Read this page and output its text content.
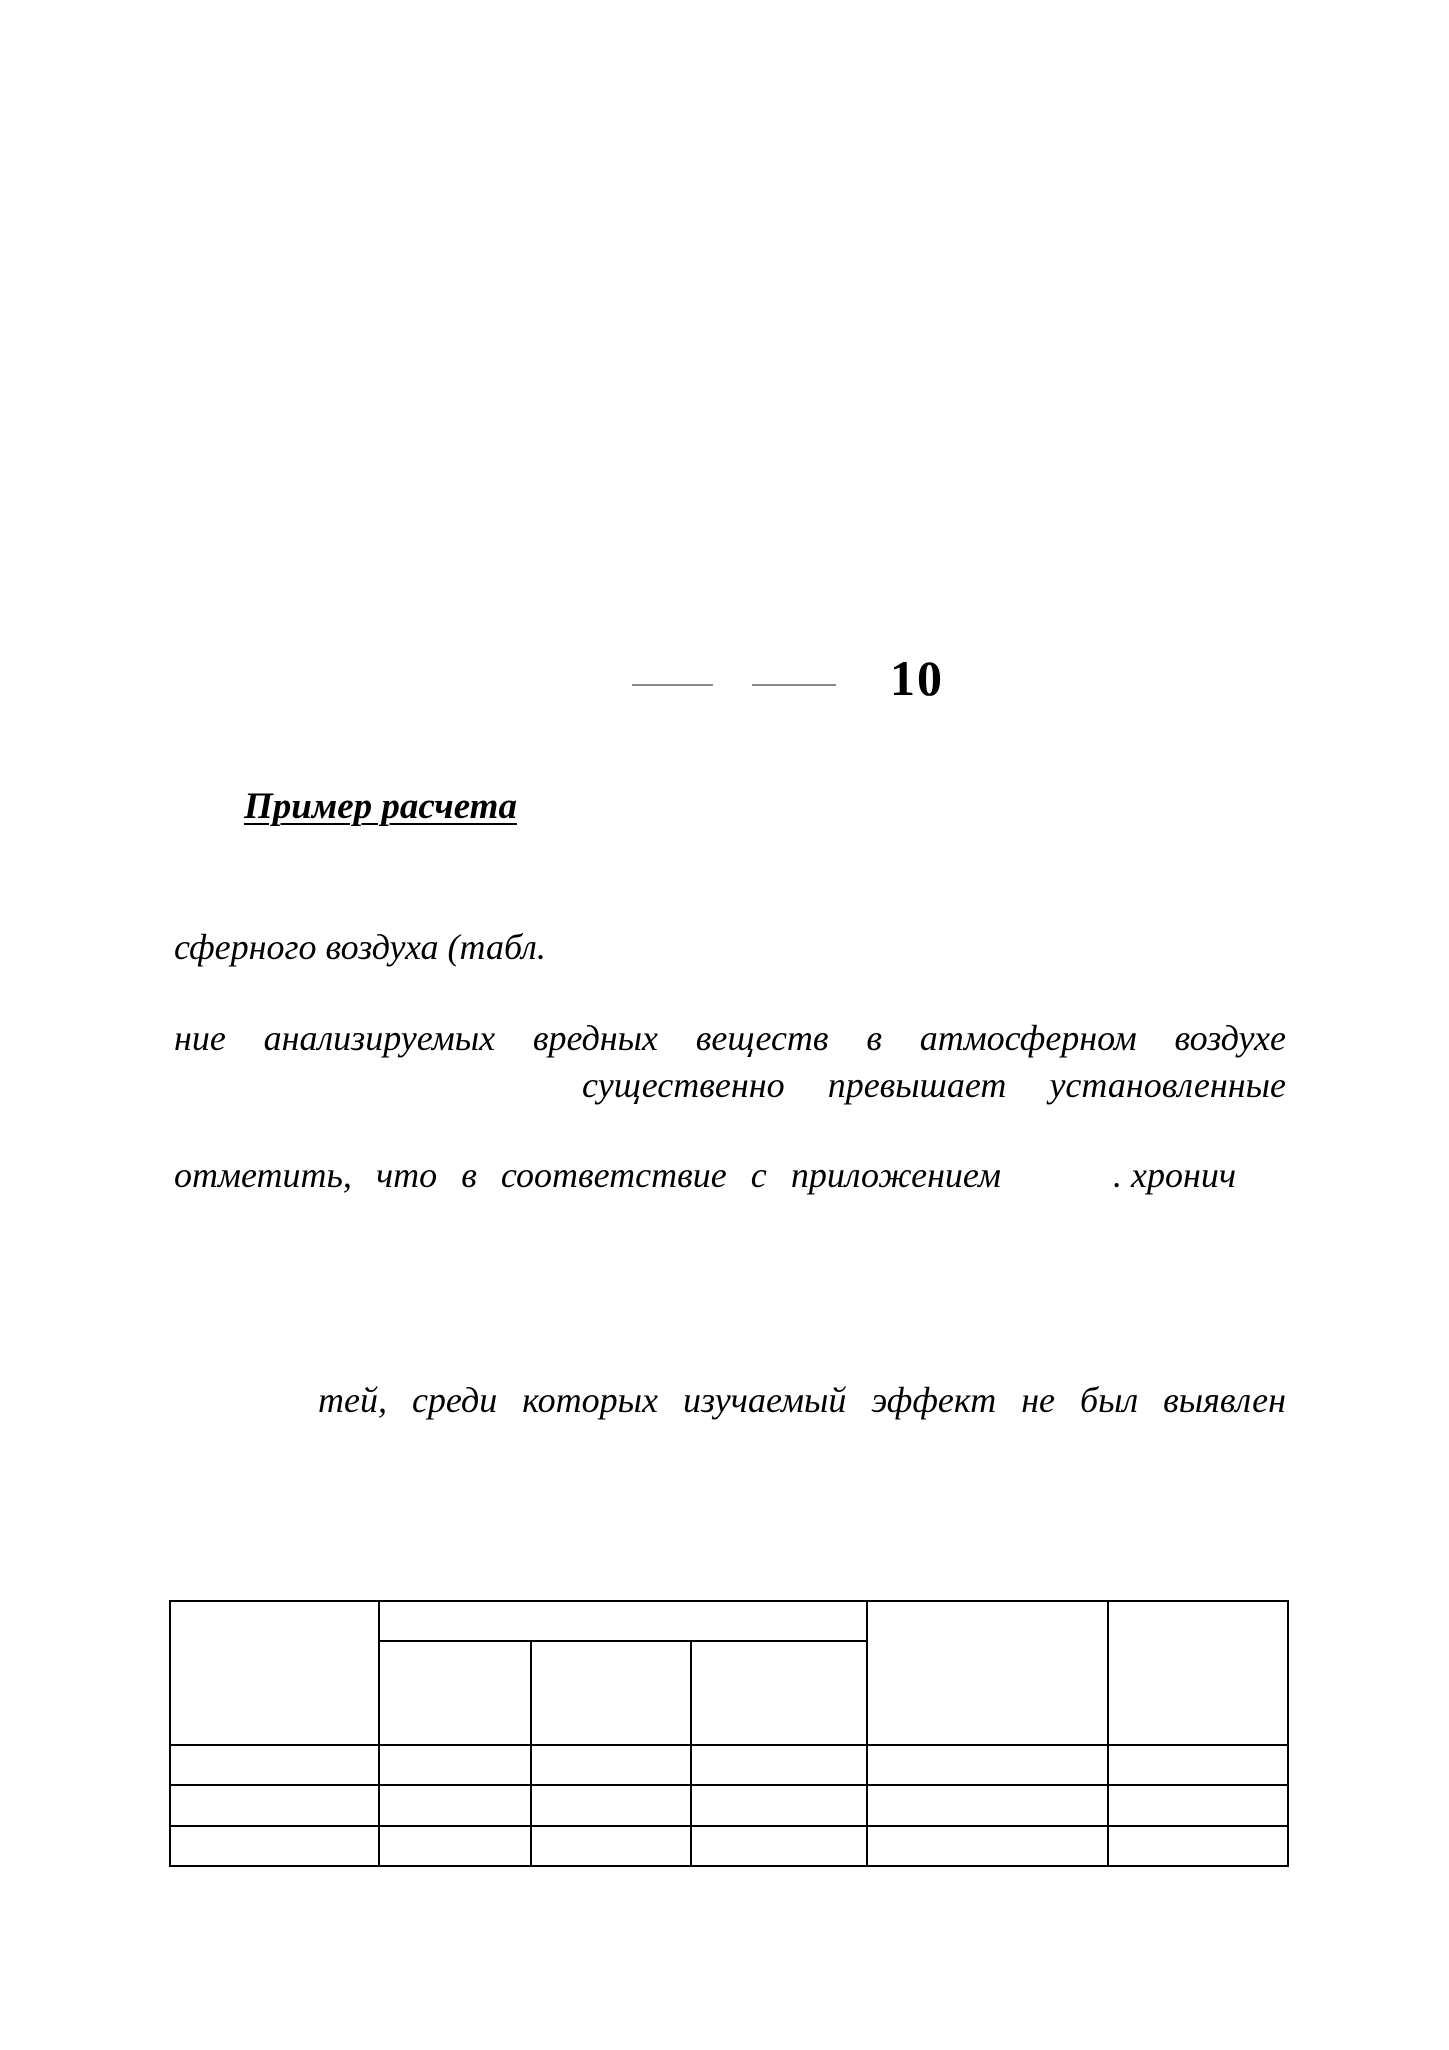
10
Пример расчета
сферного воздуха (табл.
ние анализируемых вредных веществ в атмосферном воздухе
существенно превышает установленные
отметить, что в соответствие с приложением	. хронич
тей, среди которых изучаемый эффект не был выявлен
